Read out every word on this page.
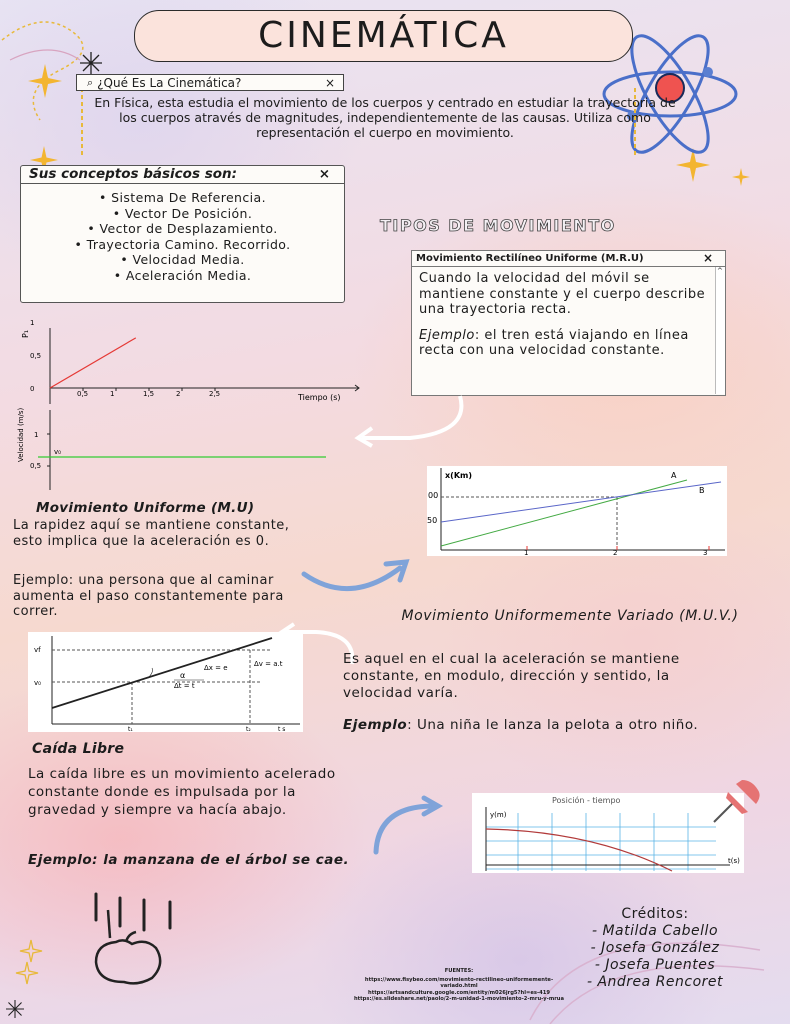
CINEMÁTICA
⌕ ¿Qué Es La Cinemática?	×
En Física, esta estudia el movimiento de los cuerpos y centrado en estudiar la trayectoria de los cuerpos através de magnitudes, independientemente de las causas. Utiliza como representación el cuerpo en movimiento.
Sus conceptos básicos son:	×
• Sistema De Referencia.
• Vector De Posición.
• Vector de Desplazamiento.
• Trayectoria Camino. Recorrido.
• Velocidad Media.
• Aceleración Media.
TIPOS DE MOVIMIENTO
Movimiento Rectilíneo Uniforme (M.R.U)	×

Cuando la velocidad del móvil se mantiene constante y el cuerpo describe una trayectoria recta.

Ejemplo: el tren está viajando en línea recta con una velocidad constante.

^
0,5	1	1,5	2	2,5
0
0,5
1
P₁
Tiempo (s)
Velocidad (m/s) 1
0,5
v₀
x(Km)
00
50
A
B
1	2	3
Movimiento Uniforme (M.U)
La rapidez aquí se mantiene constante, esto implica que la aceleración es 0.
Ejemplo: una persona que al caminar aumenta el paso constantemente para correr.	Movimiento Uniformemente Variado (M.U.V.)
Es aquel en el cual la aceleración se mantiene constante, en modulo, dirección y sentido, la velocidad varía.
Ejemplo: Una niña le lanza la pelota a otro niño.
vf
v₀
Δx = e
α
Δt = t
Δv = a.t
t₁	t₂	t s
Caída Libre
La caída libre es un movimiento acelerado constante donde es impulsada por la gravedad y siempre va hacía abajo.
Ejemplo: la manzana de el árbol se cae.
Posición - tiempo
y(m)
t(s)
FUENTES:
https://www.fisybeo.com/movimiento-rectilineo-uniformemente-variado.html
https://artsandculture.google.com/entity/m026jrg5?hl=es-419
https://es.slideshare.net/paolo/2-m-unidad-1-movimiento-2-mru-y-mrua
Créditos:
- Matilda Cabello
- Josefa González
- Josefa Puentes
- Andrea Rencoret
